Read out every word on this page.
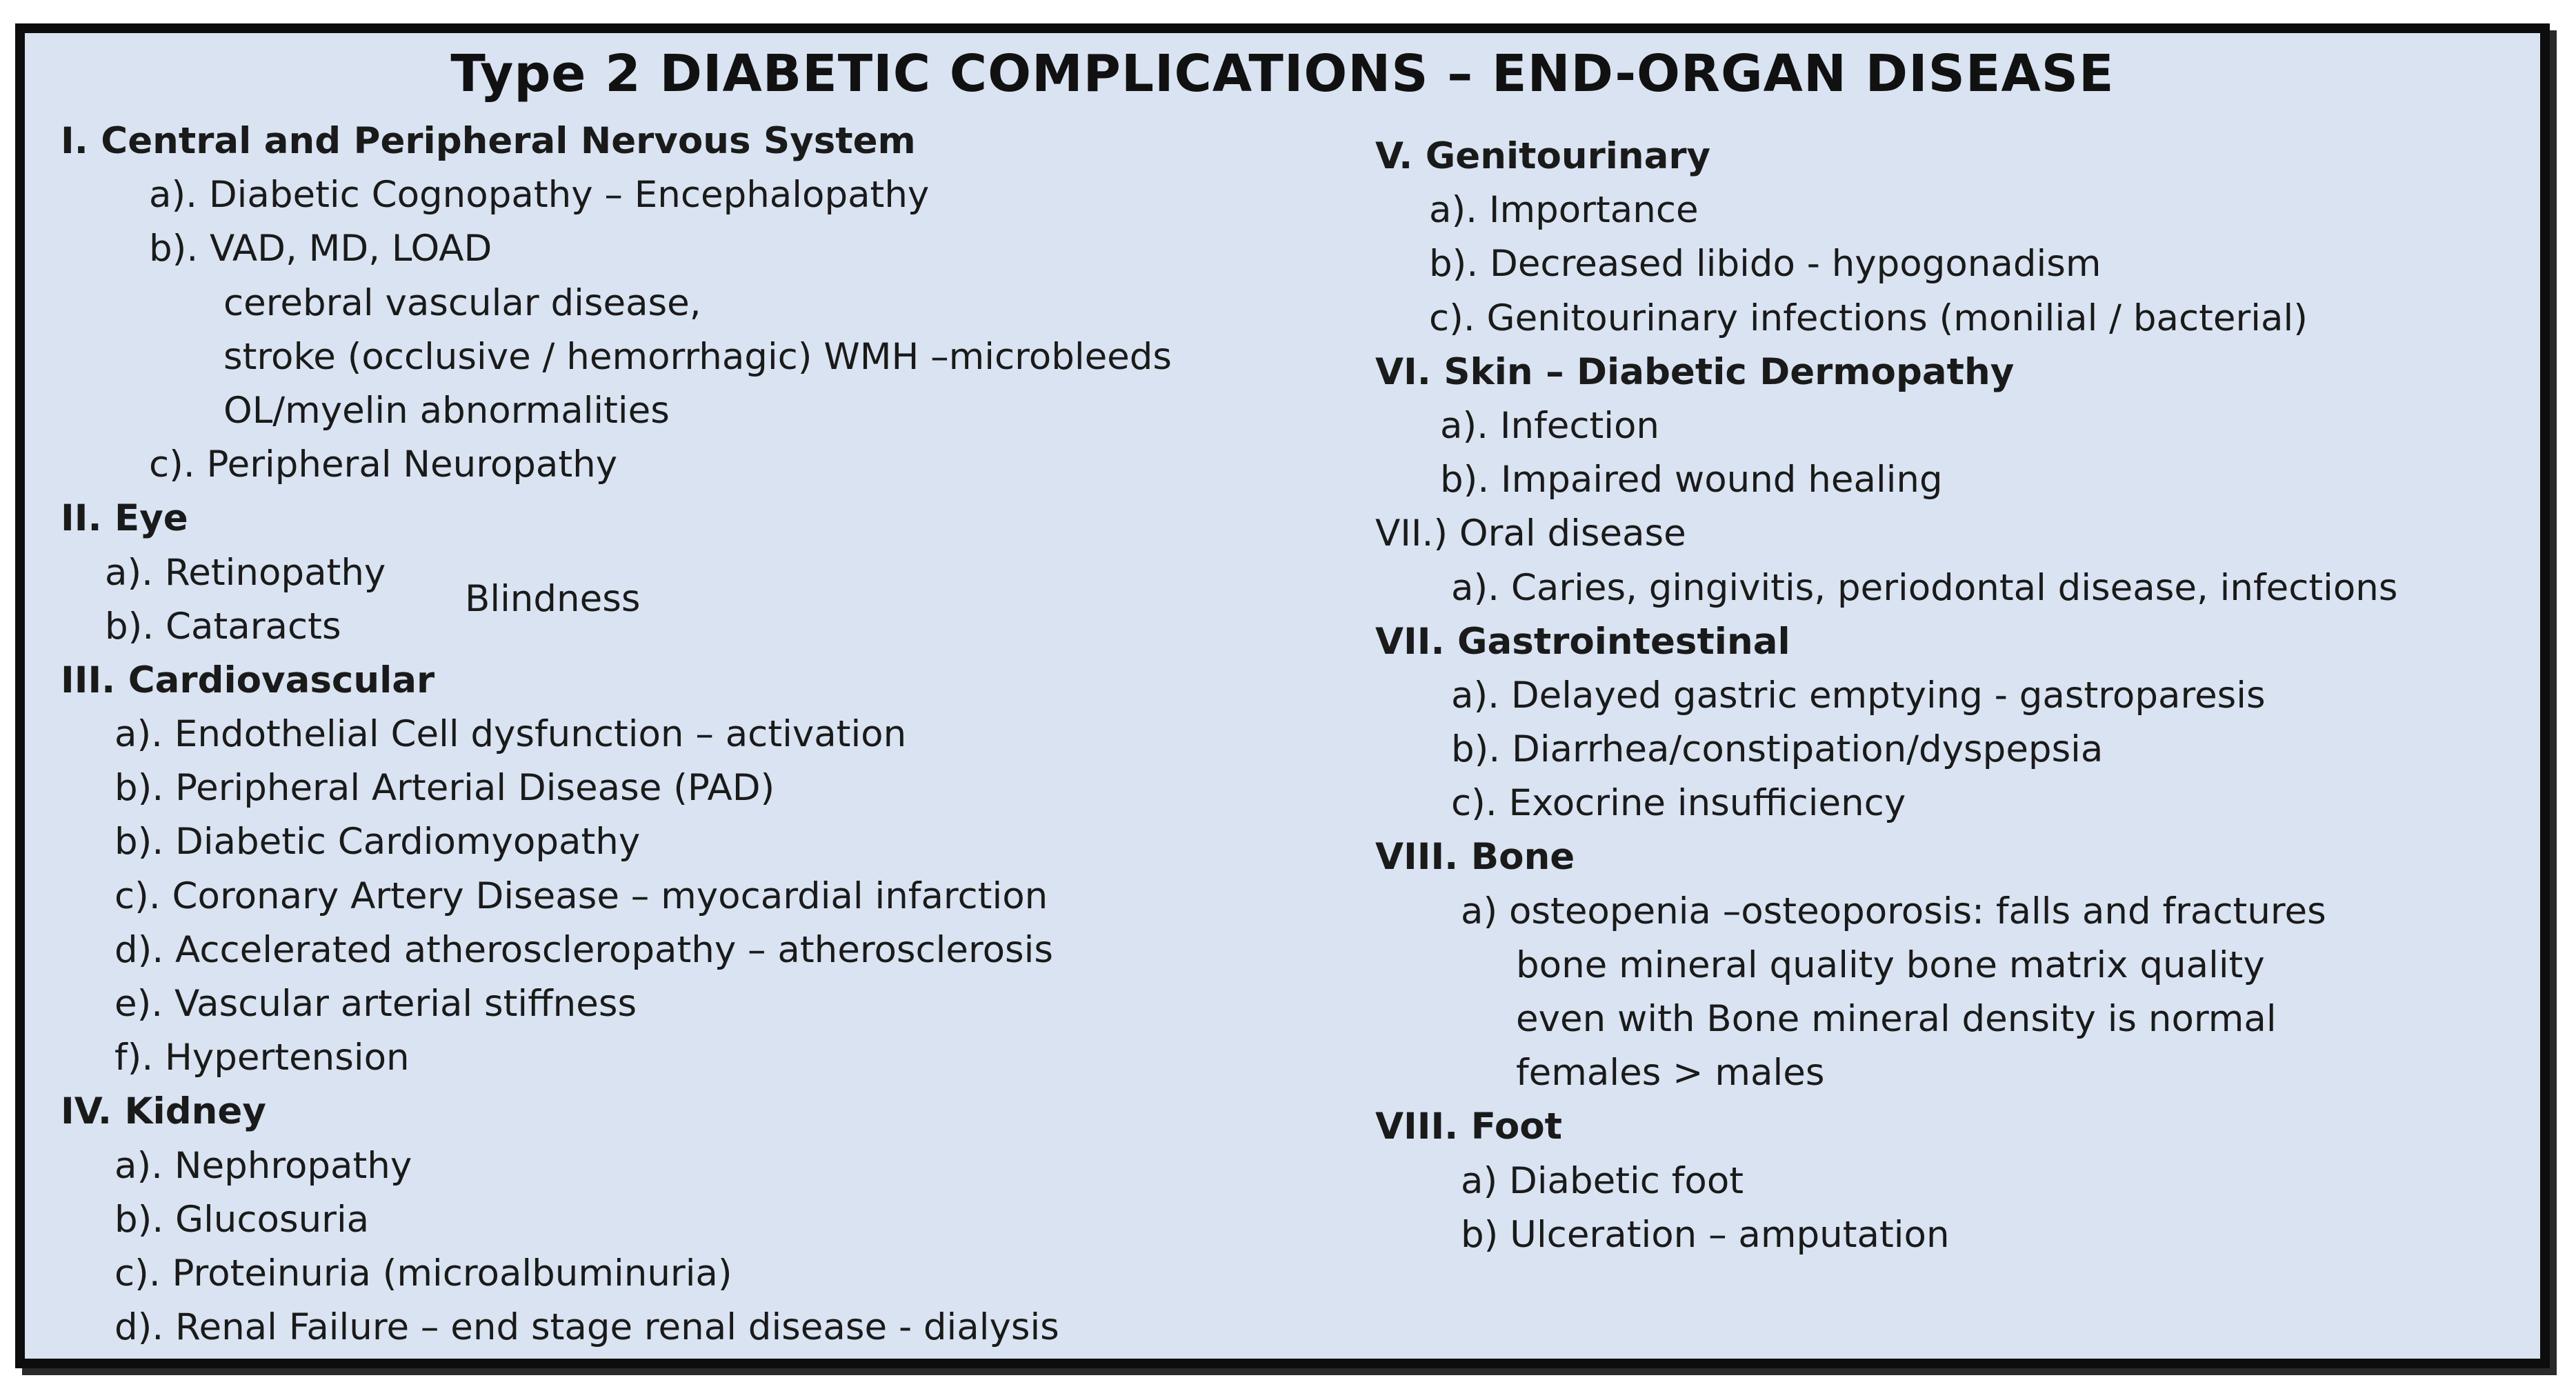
Type 2 DIABETIC COMPLICATIONS – END-ORGAN DISEASE
I. Central and Peripheral Nervous System
a). Diabetic Cognopathy – Encephalopathy
b). VAD, MD, LOAD
cerebral vascular disease,
stroke (occlusive / hemorrhagic) WMH –microbleeds
OL/myelin abnormalities
c). Peripheral Neuropathy
II. Eye
a). Retinopathy
b). Cataracts
Blindness
III. Cardiovascular
a). Endothelial Cell dysfunction – activation
b). Peripheral Arterial Disease (PAD)
b). Diabetic Cardiomyopathy
c). Coronary Artery Disease – myocardial infarction
d). Accelerated atheroscleropathy – atherosclerosis
e). Vascular arterial stiffness
f). Hypertension
IV. Kidney
a). Nephropathy
b). Glucosuria
c). Proteinuria (microalbuminuria)
d). Renal Failure – end stage renal disease - dialysis
V. Genitourinary
a). Importance
b). Decreased libido - hypogonadism
c). Genitourinary infections (monilial / bacterial)
VI. Skin – Diabetic Dermopathy
a). Infection
b). Impaired wound healing
VII.) Oral disease
a). Caries, gingivitis, periodontal disease, infections
VII. Gastrointestinal
a). Delayed gastric emptying - gastroparesis
b). Diarrhea/constipation/dyspepsia
c). Exocrine insufficiency
VIII. Bone
a) osteopenia –osteoporosis: falls and fractures
bone mineral quality bone matrix quality
even with Bone mineral density is normal
females > males
VIII. Foot
a) Diabetic foot
b) Ulceration – amputation
